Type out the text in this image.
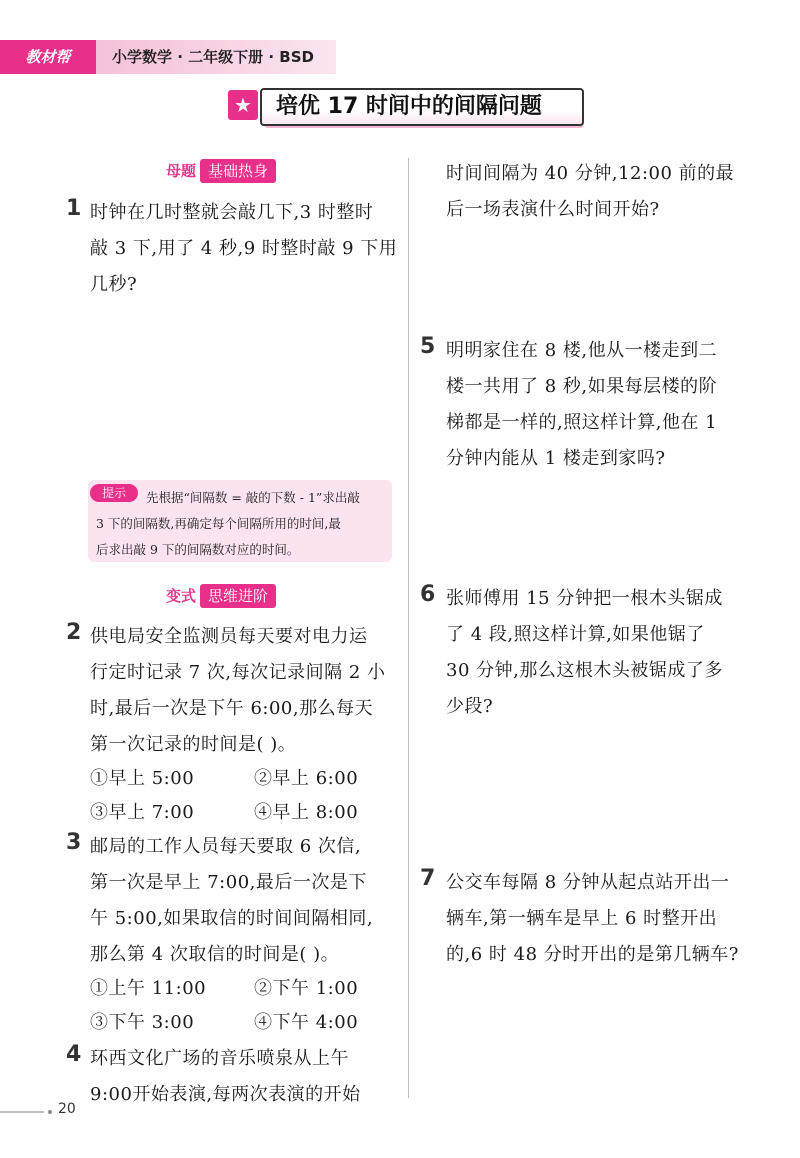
教材帮	小学数学 · 二年级下册 · BSD
★ 培优 17 时间中的间隔问题
母题 基础热身
1 时钟在几时整就会敲几下,3 时整时
敲 3 下,用了 4 秒,9 时整时敲 9 下用
几秒?
提示	先根据“间隔数 = 敲的下数 - 1”求出敲
3 下的间隔数,再确定每个间隔所用的时间,最
后求出敲 9 下的间隔数对应的时间。
变式 思维进阶
2 供电局安全监测员每天要对电力运
行定时记录 7 次,每次记录间隔 2 小
时,最后一次是下午 6:00,那么每天
第一次记录的时间是( )。
①早上 5:00	②早上 6:00
③早上 7:00	④早上 8:00
3 邮局的工作人员每天要取 6 次信,
第一次是早上 7:00,最后一次是下
午 5:00,如果取信的时间间隔相同,
那么第 4 次取信的时间是( )。
①上午 11:00	②下午 1:00
③下午 3:00	④下午 4:00
4 环西文化广场的音乐喷泉从上午
9:00开始表演,每两次表演的开始
时间间隔为 40 分钟,12:00 前的最
后一场表演什么时间开始?
5 明明家住在 8 楼,他从一楼走到二
楼一共用了 8 秒,如果每层楼的阶
梯都是一样的,照这样计算,他在 1
分钟内能从 1 楼走到家吗?
6 张师傅用 15 分钟把一根木头锯成
了 4 段,照这样计算,如果他锯了
30 分钟,那么这根木头被锯成了多
少段?
7 公交车每隔 8 分钟从起点站开出一
辆车,第一辆车是早上 6 时整开出
的,6 时 48 分时开出的是第几辆车?
20
